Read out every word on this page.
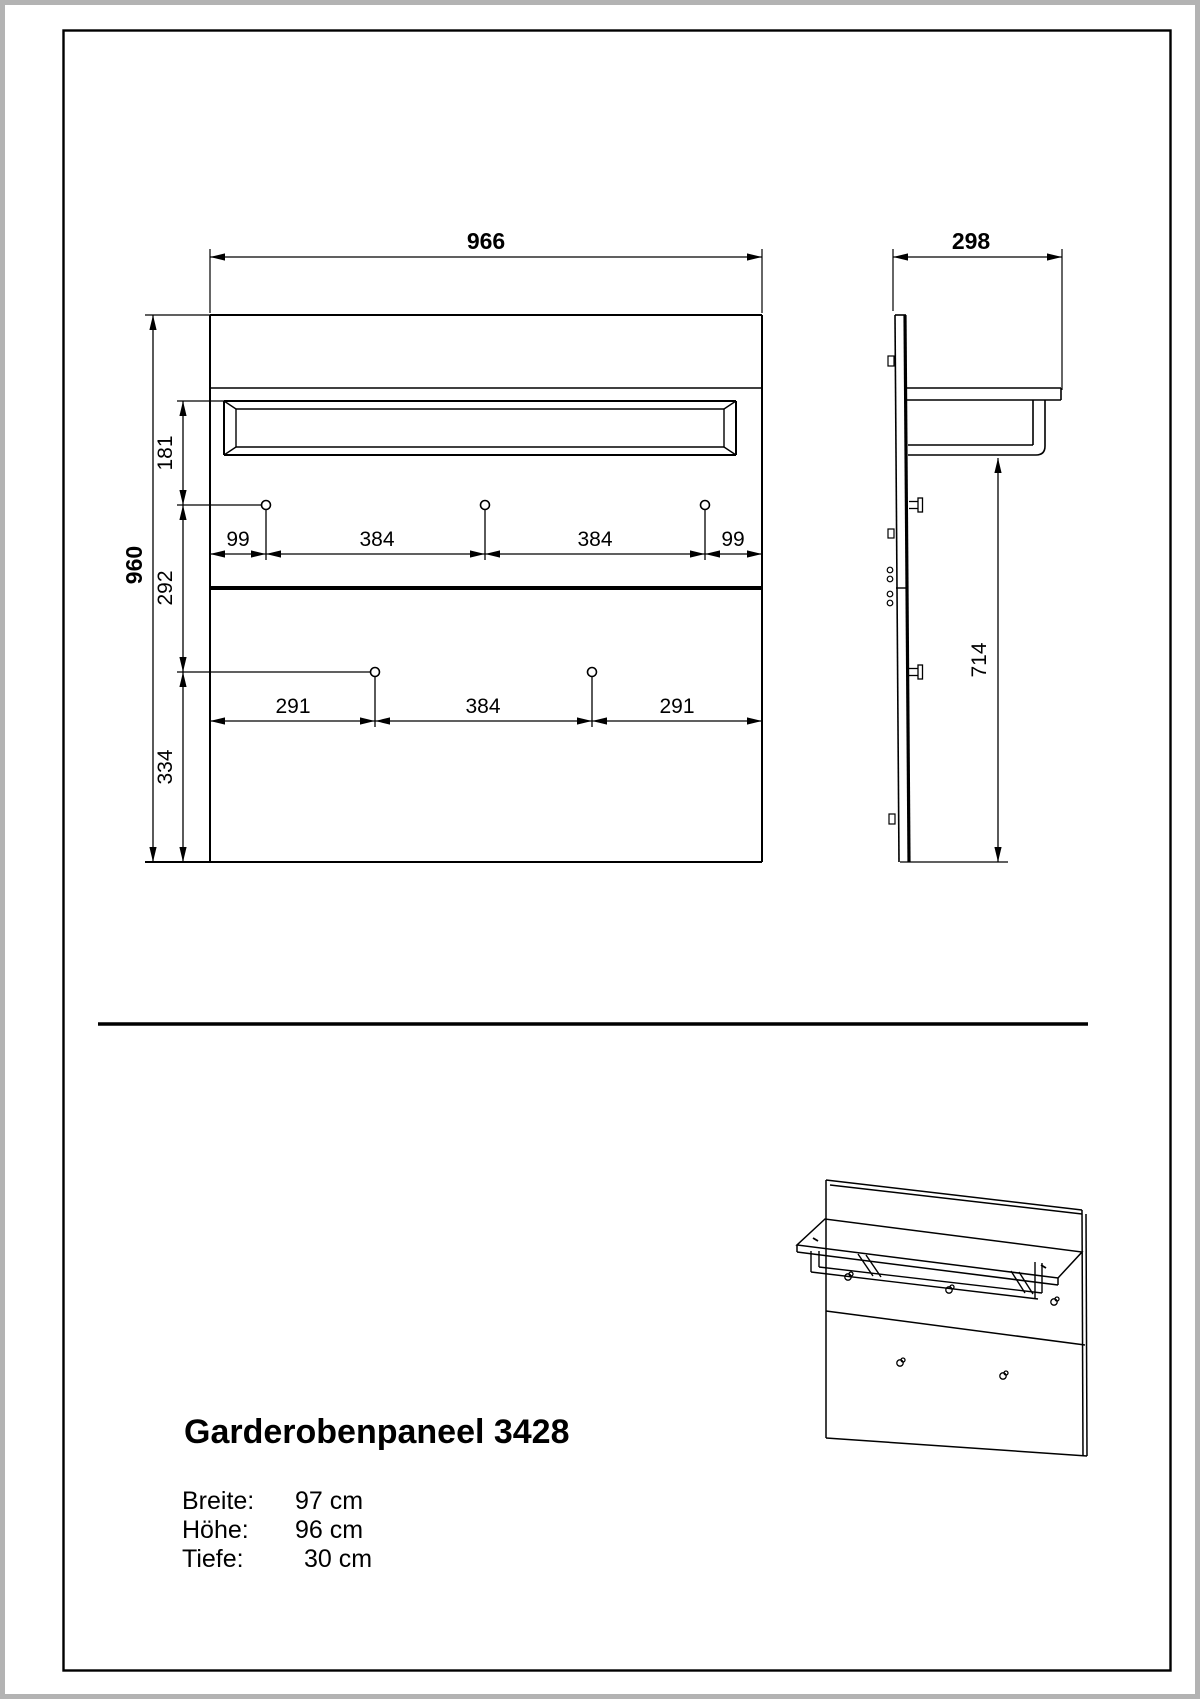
966
960
181
292
334
99	384	384	99
291	384	291
298
714
Garderobenpaneel 3428
Breite: 97 cm
Höhe: 96 cm
Tiefe: 30 cm
